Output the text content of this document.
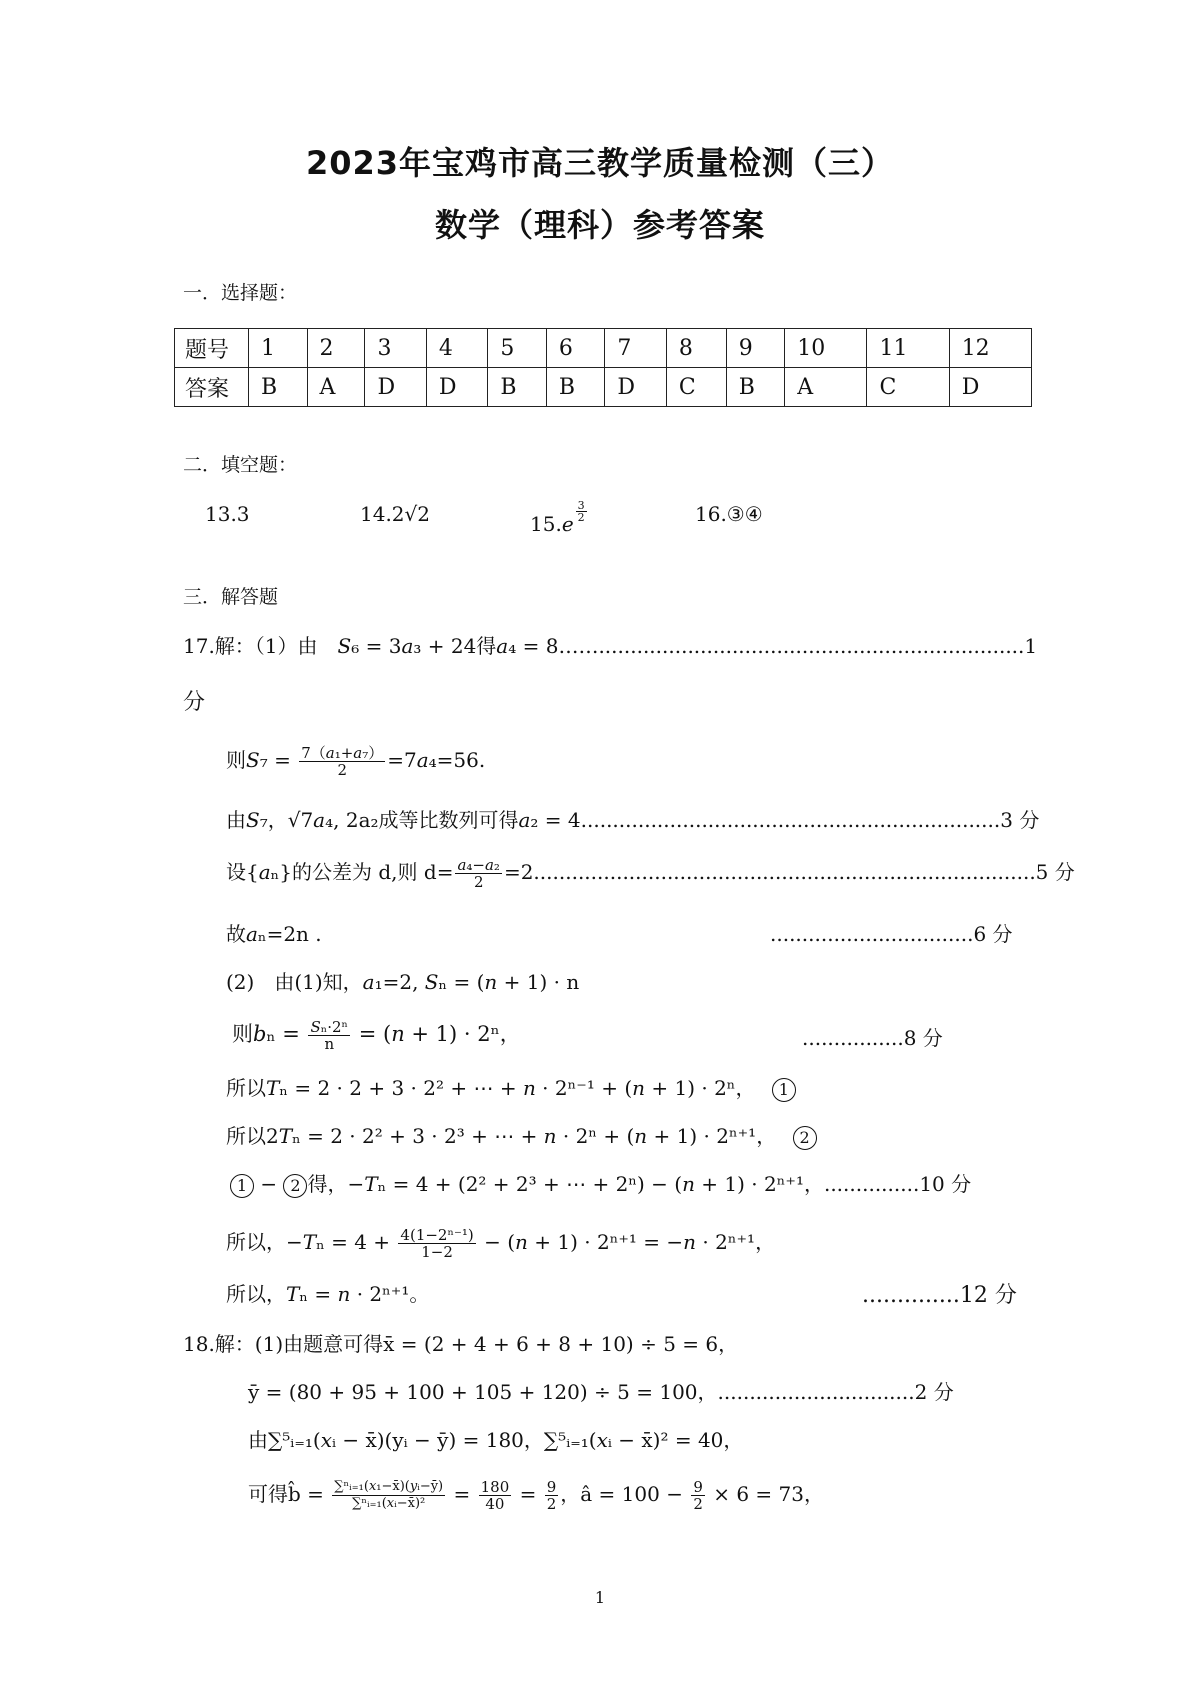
2023年宝鸡市高三教学质量检测（三）
数学（理科）参考答案
一．选择题：
题号	1	2	3	4	5	6	7	8	9	10	11	12
答案	B	A	D	D	B	B	D	C	B	A	C	D
二．填空题：
13.3	14.2√2	15.e
$\frac{3}{2}$	16.③④
三．解答题
17.解：（1）由　𝑆₆ = 3𝑎₃ + 24得𝑎₄ = 8……...................................................................1
分
则𝑆₇ = $\frac{\text{7（𝑎₁+𝑎₇）}}{2}$ =7𝑎₄=56.
由𝑆₇，√7𝑎₄, 2a₂成等比数列可得𝑎₂ = 4..................................................................3 分
设{𝑎ₙ}的公差为 d,则 $d= \frac{\text{𝑎₄−𝑎₂}}{2} =2...............................................................................5$ 分
故𝑎ₙ=2n .	................................6 分
(2)　由(1)知，𝑎₁=2, 𝑆ₙ = (𝑛 + 1) · n
则𝑏ₙ = $\frac{\text{𝑆ₙ·2ⁿ}}{n}$ = (𝑛 + 1) · 2ⁿ，	................8 分
所以𝑇ₙ = 2 · 2 + 3 · 2² + ⋯ + 𝑛 · 2ⁿ⁻¹ + (𝑛 + 1) · 2ⁿ， 1
所以2𝑇ₙ = 2 · 2² + 3 · 2³ + ⋯ + 𝑛 · 2ⁿ + (𝑛 + 1) · 2ⁿ⁺¹， 2
1 − 2 得，−𝑇ₙ = 4 + (2² + 2³ + ⋯ + 2ⁿ) − (𝑛 + 1) · 2ⁿ⁺¹，...............10 分
所以，−𝑇ₙ = $4 + \frac{\text{4(1−2ⁿ⁻¹)}}{1-2}$ − (𝑛 + 1) · 2ⁿ⁺¹ = −𝑛 · 2ⁿ⁺¹，
所以，𝑇ₙ = 𝑛 · 2ⁿ⁺¹。	..............12 分
18.解：(1)由题意可得x̄ = (2 + 4 + 6 + 8 + 10) ÷ 5 = 6，
ȳ = (80 + 95 + 100 + 105 + 120) ÷ 5 = 100，...............................2 分
由∑⁵ᵢ₌₁(𝑥ᵢ − x̄)(yᵢ − ȳ) = 180，∑⁵ᵢ₌₁(𝑥ᵢ − x̄)² = 40，
可得b̂ = $\frac{\text{∑ⁿᵢ₌₁(𝑥₁−x̄)(𝑦ᵢ−ȳ)}}{\text{∑ⁿᵢ₌₁(𝑥ᵢ−x̄)²}} = \frac{180}{40} = \frac{9}{2}$ ，â = $100 - \frac{9}{2} \times 6 = 73$，
1
